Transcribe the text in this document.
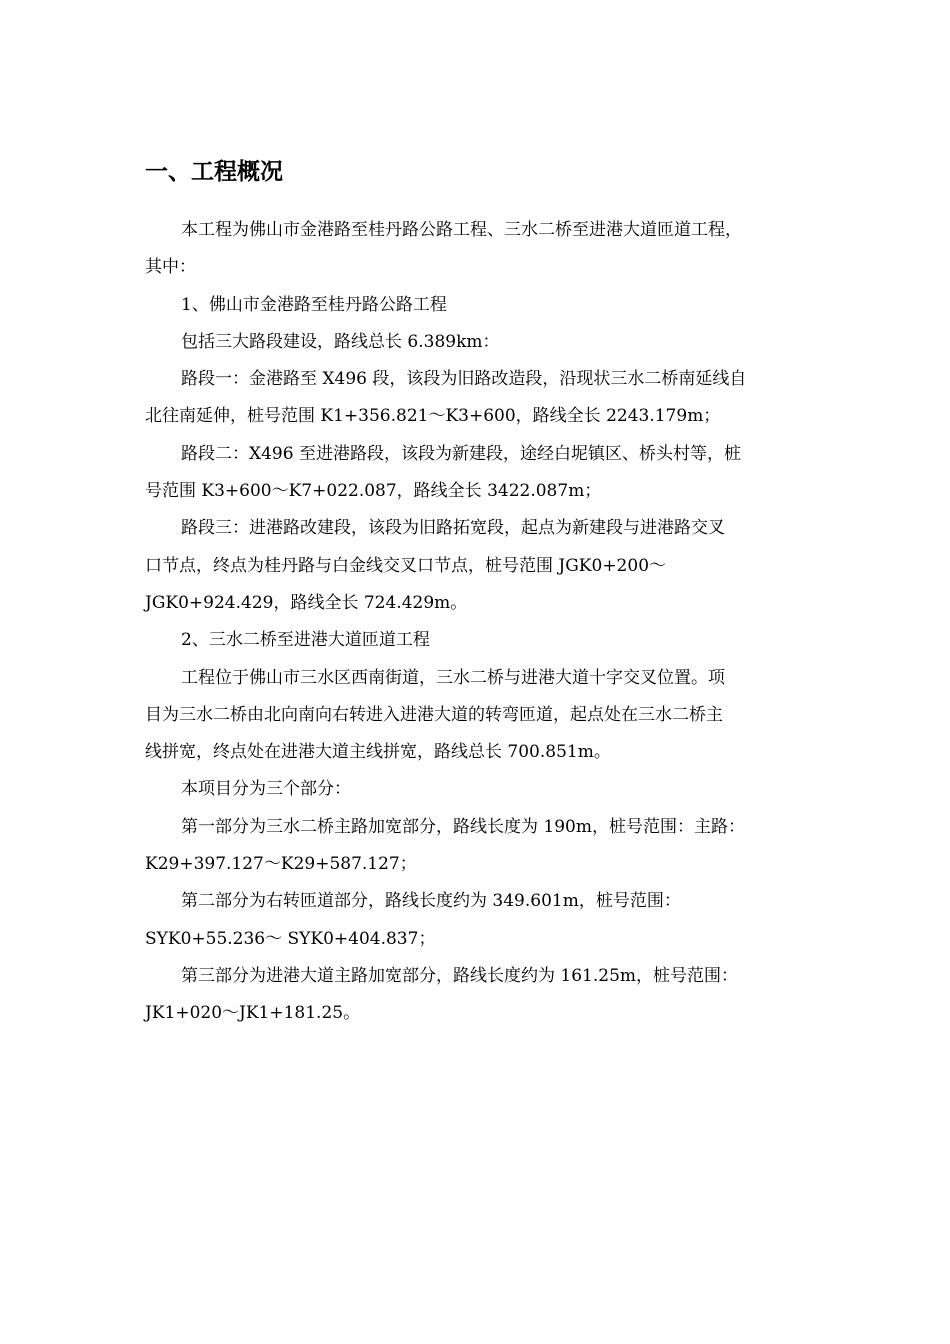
一、工程概况
本工程为佛山市金港路至桂丹路公路工程、三水二桥至进港大道匝道工程，
其中：
1、佛山市金港路至桂丹路公路工程
包括三大路段建设，路线总长 6.389km：
路段一：金港路至 X496 段，该段为旧路改造段，沿现状三水二桥南延线自
北往南延伸，桩号范围 K1+356.821～K3+600，路线全长 2243.179m；
路段二：X496 至进港路段，该段为新建段，途经白坭镇区、桥头村等，桩
号范围 K3+600～K7+022.087，路线全长 3422.087m；
路段三：进港路改建段，该段为旧路拓宽段，起点为新建段与进港路交叉
口节点，终点为桂丹路与白金线交叉口节点，桩号范围 JGK0+200～
JGK0+924.429，路线全长 724.429m。
2、三水二桥至进港大道匝道工程
工程位于佛山市三水区西南街道，三水二桥与进港大道十字交叉位置。项
目为三水二桥由北向南向右转进入进港大道的转弯匝道，起点处在三水二桥主
线拼宽，终点处在进港大道主线拼宽，路线总长 700.851m。
本项目分为三个部分：
第一部分为三水二桥主路加宽部分，路线长度为 190m，桩号范围：主路：
K29+397.127～K29+587.127；
第二部分为右转匝道部分，路线长度约为 349.601m，桩号范围：
SYK0+55.236～ SYK0+404.837；
第三部分为进港大道主路加宽部分，路线长度约为 161.25m，桩号范围：
JK1+020～JK1+181.25。
